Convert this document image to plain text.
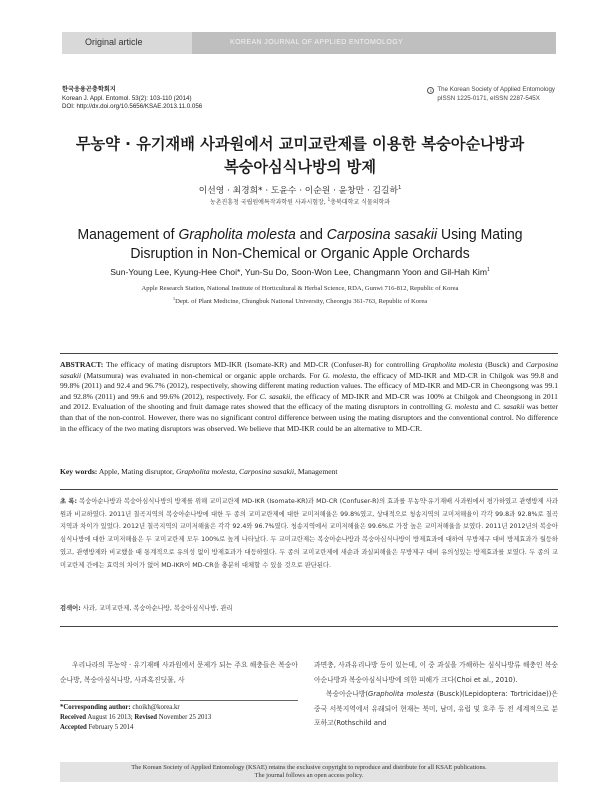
Original article	KOREAN JOURNAL OF APPLIED ENTOMOLOGY
한국응용곤충학회지
Korean J. Appl. Entomol. 53(2): 103-110 (2014)
DOI: http://dx.doi.org/10.5656/KSAE.2013.11.0.056
c The Korean Society of Applied Entomology
pISSN 1225-0171, eISSN 2287-545X
무농약 · 유기재배 사과원에서 교미교란제를 이용한 복숭아순나방과
복숭아심식나방의 방제
이선영 · 최경희* · 도윤수 · 이순원 · 윤창만 · 김길하$^1$
농촌진흥청 국립원예특작과학원 사과시험장, $^1$충북대학교 식물의학과
Management of Grapholita molesta and Carposina sasakii Using Mating
Disruption in Non-Chemical or Organic Apple Orchards
Sun-Young Lee, Kyung-Hee Choi*, Yun-Su Do, Soon-Won Lee, Changmann Yoon and Gil-Hah Kim$^1$
Apple Research Station, National Institute of Horticultural & Herbal Science, RDA, Gunwi 716-812, Republic of Korea
$^1$Dept. of Plant Medicine, Chungbuk National University, Cheongju 361-763, Republic of Korea
ABSTRACT: The efficacy of mating disruptors MD-IKR (Isomate-KR) and MD-CR (Confuser-R) for controlling Grapholita molesta (Busck) and Carposina sasakii (Matsumura) was evaluated in non-chemical or organic apple orchards. For G. molesta, the efficacy of MD-IKR and MD-CR in Chilgok was 99.8 and 99.8% (2011) and 92.4 and 96.7% (2012), respectively, showing different mating reduction values. The efficacy of MD-IKR and MD-CR in Cheongsong was 99.1 and 92.8% (2011) and 99.6 and 99.6% (2012), respectively. For C. sasakii, the efficacy of MD-IKR and MD-CR was 100% at Chilgok and Cheongsong in 2011 and 2012. Evaluation of the shooting and fruit damage rates showed that the efficacy of the mating disruptors in controlling G. molesta and C. sasakii was better than that of the non-control. However, there was no significant control difference between using the mating disruptors and the conventional control. No difference in the efficacy of the two mating disruptors was observed. We believe that MD-IKR could be an alternative to MD-CR.
Key words: Apple, Mating disruptor, Grapholita molesta, Carposina sasakii, Management
초 록: 복숭아순나방과 복숭아심식나방의 방제를 위해 교미교란제 MD-IKR (Isomate-KR)과 MD-CR (Confuser-R)의 효과를 무농약·유기재배 사과원에서 평가하였고 관행방제 사과원과 비교하였다. 2011년 칠곡지역의 복숭아순나방에 대한 두 종의 교미교란제에 대한 교미저해율은 99.8%였고, 상대적으로 청송지역의 교미저해율이 각각 99.8과 92.8%로 칠곡지역과 차이가 있었다. 2012년 칠곡지역의 교미저해율은 각각 92.4와 96.7%였다. 청송지역에서 교미저해율은 99.6%로 가장 높은 교미저해율을 보였다. 2011년 2012년의 복숭아심식나방에 대한 교미저해율은 두 교미교란제 모두 100%로 높게 나타났다. 두 교미교란제는 복숭아순나방과 복숭아심식나방이 방제효과에 대하여 무방제구 대비 방제효과가 월등하였고, 관행방제와 비교했을 때 통계적으로 유의성 없이 방제효과가 대등하였다. 두 종의 교미교란제에 새순과 과실피해율은 무방제구 대비 유의성있는 방제효과를 보였다. 두 종의 교미교란제 간에는 효력의 차이가 없어 MD-IKR이 MD-CR을 충분히 대체할 수 있을 것으로 판단된다.
검색어: 사과, 교미교란제, 복숭아순나방, 복숭아심식나방, 관리
우리나라의 무농약 · 유기재배 사과원에서 문제가 되는 주요 해충들은 복숭아순나방, 복숭아심식나방, 사과혹진딧물, 사

과면충, 사과유리나방 등이 있는데, 이 중 과실을 가해하는 심식나방류 해충인 복숭아순나방과 복숭아심식나방에 의한 피해가 크다(Choi et al., 2010).

복숭아순나방(Grapholita molesta (Busck)(Lepidoptera: Tortricidae))은 중국 서북지역에서 유래되어 현재는 북미, 남미, 유럽 및 호주 등 전 세계적으로 분포하고(Rothschild and

*Corresponding author: choikh@korea.kr
Received August 16 2013; Revised November 25 2013
Accepted February 5 2014
The Korean Society of Applied Entomology (KSAE) retains the exclusive copyright to reproduce and distribute for all KSAE publications.
The journal follows an open access policy.
